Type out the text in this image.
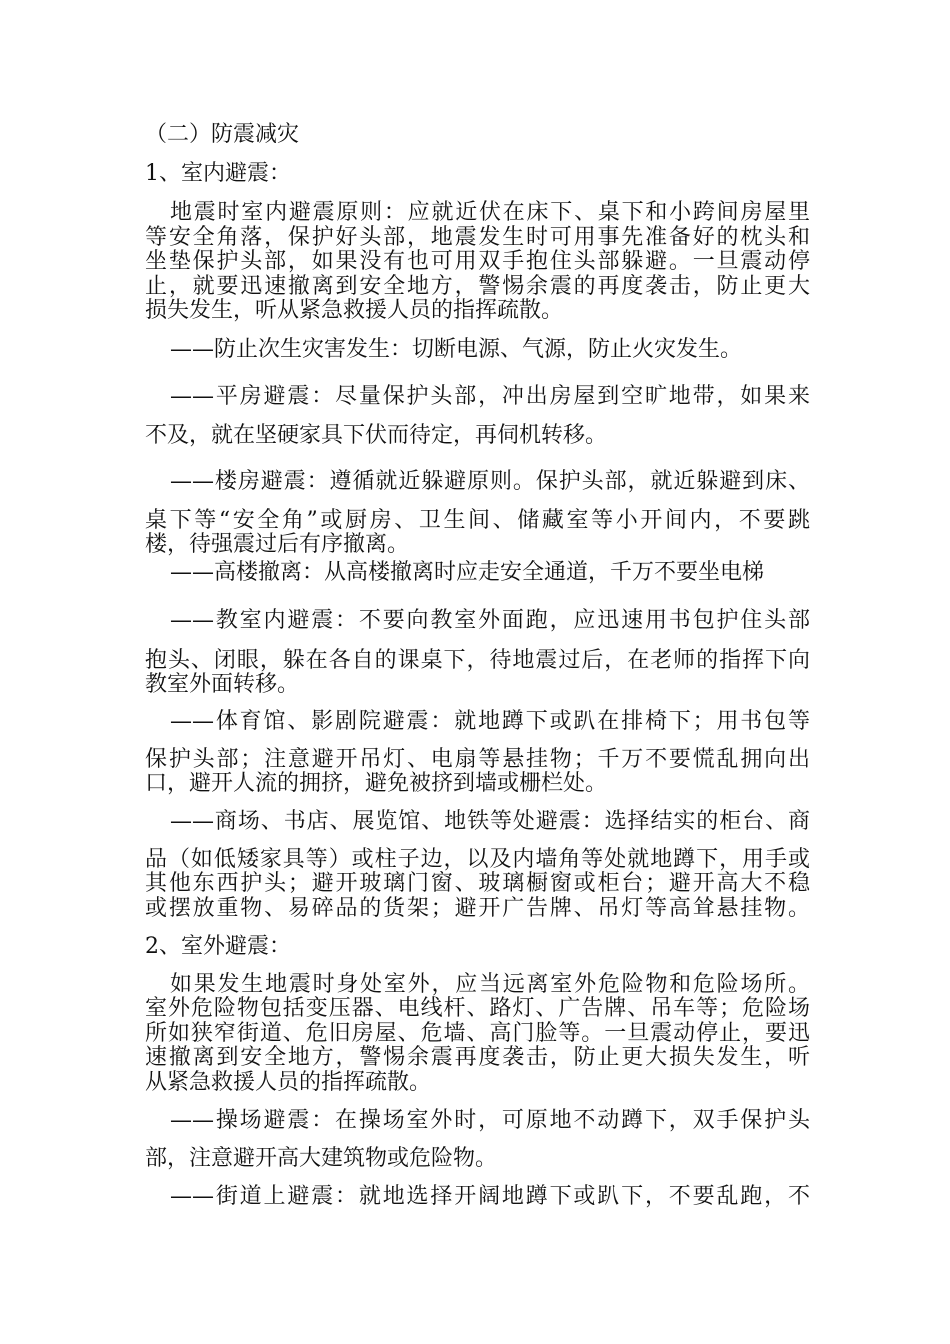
（二）防震减灾
1、室内避震：
地震时室内避震原则：应就近伏在床下、桌下和小跨间房屋里
等安全角落，保护好头部，地震发生时可用事先准备好的枕头和
坐垫保护头部，如果没有也可用双手抱住头部躲避。一旦震动停
止，就要迅速撤离到安全地方，警惕余震的再度袭击，防止更大
损失发生，听从紧急救援人员的指挥疏散。
——防止次生灾害发生：切断电源、气源，防止火灾发生。
——平房避震：尽量保护头部，冲出房屋到空旷地带，如果来
不及，就在坚硬家具下伏而待定，再伺机转移。
——楼房避震：遵循就近躲避原则。保护头部，就近躲避到床、
桌下等“安全角”或厨房、卫生间、储藏室等小开间内，不要跳
楼，待强震过后有序撤离。
——高楼撤离：从高楼撤离时应走安全通道，千万不要坐电梯
——教室内避震：不要向教室外面跑，应迅速用书包护住头部
抱头、闭眼，躲在各自的课桌下，待地震过后，在老师的指挥下向
教室外面转移。
——体育馆、影剧院避震：就地蹲下或趴在排椅下；用书包等
保护头部；注意避开吊灯、电扇等悬挂物；千万不要慌乱拥向出
口，避开人流的拥挤，避免被挤到墙或栅栏处。
——商场、书店、展览馆、地铁等处避震：选择结实的柜台、商
品（如低矮家具等）或柱子边，以及内墙角等处就地蹲下，用手或
其他东西护头；避开玻璃门窗、玻璃橱窗或柜台；避开高大不稳
或摆放重物、易碎品的货架；避开广告牌、吊灯等高耸悬挂物。
2、室外避震：
如果发生地震时身处室外，应当远离室外危险物和危险场所。
室外危险物包括变压器、电线杆、路灯、广告牌、吊车等；危险场
所如狭窄街道、危旧房屋、危墙、高门脸等。一旦震动停止，要迅
速撤离到安全地方，警惕余震再度袭击，防止更大损失发生，听
从紧急救援人员的指挥疏散。
——操场避震：在操场室外时，可原地不动蹲下，双手保护头
部，注意避开高大建筑物或危险物。
——街道上避震：就地选择开阔地蹲下或趴下，不要乱跑，不
